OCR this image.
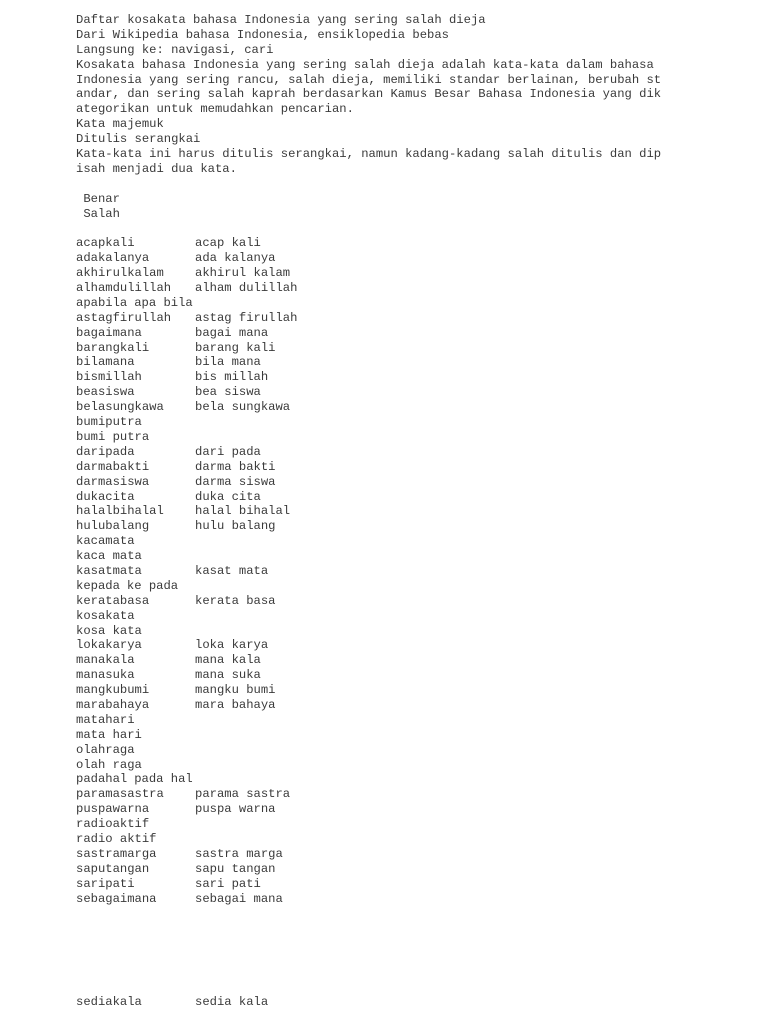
Daftar kosakata bahasa Indonesia yang sering salah dieja
Dari Wikipedia bahasa Indonesia, ensiklopedia bebas
Langsung ke: navigasi, cari
Kosakata bahasa Indonesia yang sering salah dieja adalah kata-kata dalam bahasa
Indonesia yang sering rancu, salah dieja, memiliki standar berlainan, berubah st
andar, dan sering salah kaprah berdasarkan Kamus Besar Bahasa Indonesia yang dik
ategorikan untuk memudahkan pencarian.
Kata majemuk
Ditulis serangkai
Kata-kata ini harus ditulis serangkai, namun kadang-kadang salah ditulis dan dip
isah menjadi dua kata.
Benar
Salah
acapkali	acap kali
adakalanya	ada kalanya
akhirulkalam	akhirul kalam
alhamdulillah	alham dulillah
apabila apa bila
astagfirullah	astag firullah
bagaimana	bagai mana
barangkali	barang kali
bilamana	bila mana
bismillah	bis millah
beasiswa	bea siswa
belasungkawa	bela sungkawa
bumiputra
bumi putra
daripada	dari pada
darmabakti	darma bakti
darmasiswa	darma siswa
dukacita	duka cita
halalbihalal	halal bihalal
hulubalang	hulu balang
kacamata
kaca mata
kasatmata	kasat mata
kepada ke pada
keratabasa	kerata basa
kosakata
kosa kata
lokakarya	loka karya
manakala	mana kala
manasuka	mana suka
mangkubumi	mangku bumi
marabahaya	mara bahaya
matahari
mata hari
olahraga
olah raga
padahal pada hal
paramasastra	parama sastra
puspawarna	puspa warna
radioaktif
radio aktif
sastramarga	sastra marga
saputangan	sapu tangan
saripati	sari pati
sebagaimana	sebagai mana
sediakala	sedia kala
